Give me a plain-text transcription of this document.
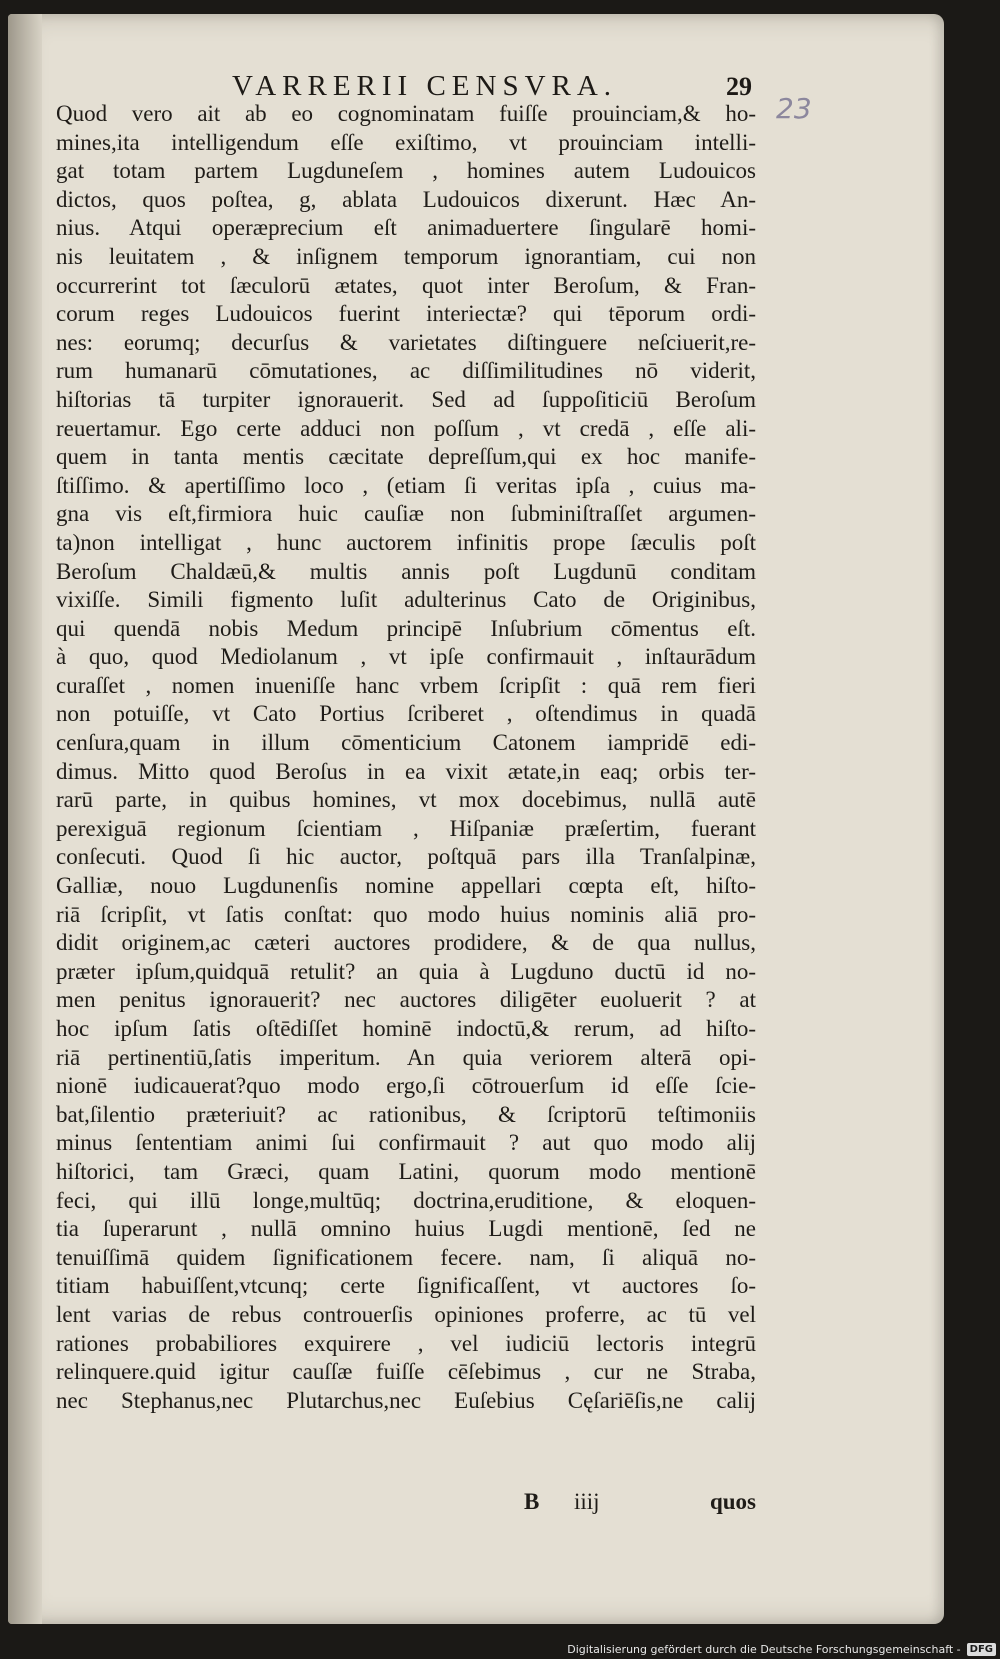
VARRERII CENSVRA.	29
23
Quod vero ait ab eo cognominatam fuiſſe prouinciam,& ho-
mines,ita intelligendum eſſe exiſtimo, vt prouinciam intelli-
gat totam partem Lugduneſem , homines autem Ludouicos
dictos, quos poſtea, g, ablata Ludouicos dixerunt. Hæc An-
nius. Atqui operæprecium eſt animaduertere ſingularē homi-
nis leuitatem , & inſignem temporum ignorantiam, cui non
occurrerint tot ſæculorū ætates, quot inter Beroſum, & Fran-
corum reges Ludouicos fuerint interiectæ? qui tēporum ordi-
nes: eorumq; decurſus & varietates diſtinguere neſciuerit,re-
rum humanarū cōmutationes, ac diſſimilitudines nō viderit,
hiſtorias tā turpiter ignorauerit. Sed ad ſuppoſiticiū Beroſum
reuertamur. Ego certe adduci non poſſum , vt credā , eſſe ali-
quem in tanta mentis cæcitate depreſſum,qui ex hoc manife-
ſtiſſimo. & apertiſſimo loco , (etiam ſi veritas ipſa , cuius ma-
gna vis eſt,firmiora huic cauſiæ non ſubminiſtraſſet argumen-
ta)non intelligat , hunc auctorem infinitis prope ſæculis poſt
Beroſum Chaldæū,& multis annis poſt Lugdunū conditam
vixiſſe. Simili figmento luſit adulterinus Cato de Originibus,
qui quendā nobis Medum principē Inſubrium cōmentus eſt.
à quo, quod Mediolanum , vt ipſe confirmauit , inſtaurādum
curaſſet , nomen inueniſſe hanc vrbem ſcripſit : quā rem fieri
non potuiſſe, vt Cato Portius ſcriberet , oſtendimus in quadā
cenſura,quam in illum cōmenticium Catonem iampridē edi-
dimus. Mitto quod Beroſus in ea vixit ætate,in eaq; orbis ter-
rarū parte, in quibus homines, vt mox docebimus, nullā autē
perexiguā regionum ſcientiam , Hiſpaniæ præſertim, fuerant
conſecuti. Quod ſi hic auctor, poſtquā pars illa Tranſalpinæ,
Galliæ, nouo Lugdunenſis nomine appellari cœpta eſt, hiſto-
riā ſcripſit, vt ſatis conſtat: quo modo huius nominis aliā pro-
didit originem,ac cæteri auctores prodidere, & de qua nullus,
præter ipſum,quidquā retulit? an quia à Lugduno ductū id no-
men penitus ignorauerit? nec auctores diligēter euoluerit ? at
hoc ipſum ſatis oſtēdiſſet hominē indoctū,& rerum, ad hiſto-
riā pertinentiū,ſatis imperitum. An quia veriorem alterā opi-
nionē iudicauerat?quo modo ergo,ſi cōtrouerſum id eſſe ſcie-
bat,ſilentio præteriuit? ac rationibus, & ſcriptorū teſtimoniis
minus ſententiam animi ſui confirmauit ? aut quo modo alij
hiſtorici, tam Græci, quam Latini, quorum modo mentionē
feci, qui illū longe,multūq; doctrina,eruditione, & eloquen-
tia ſuperarunt , nullā omnino huius Lugdi mentionē, ſed ne
tenuiſſimā quidem ſignificationem fecere. nam, ſi aliquā no-
titiam habuiſſent,vtcunq; certe ſignificaſſent, vt auctores ſo-
lent varias de rebus controuerſis opiniones proferre, ac tū vel
rationes probabiliores exquirere , vel iudiciū lectoris integrū
relinquere.quid igitur cauſſæ fuiſſe cēſebimus , cur ne Straba,
nec Stephanus,nec Plutarchus,nec Euſebius Cęſariēſis,ne calij
B iiij	quos
Digitalisierung gefördert durch die Deutsche Forschungsgemeinschaft - DFG
